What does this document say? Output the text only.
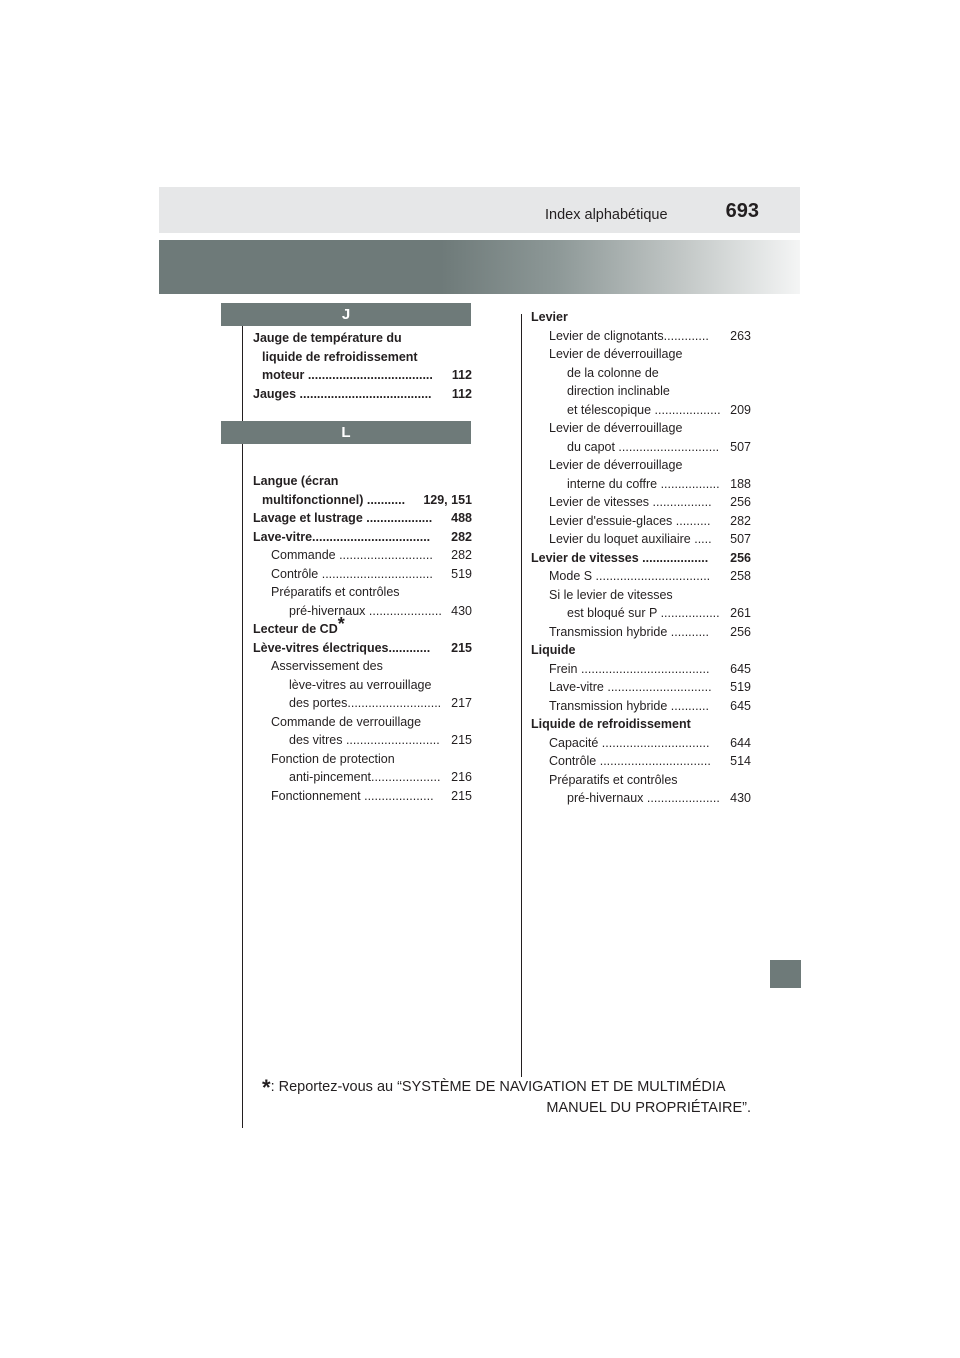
Index alphabétique	693
J
L
Jauge de température du
liquide de refroidissement
moteur ....................................	112
Jauges ...................................... 112
Langue (écran
multifonctionnel) ...........	129, 151
Lavage et lustrage ................... 488
Lave-vitre.................................. 282
Commande ........................... 282
Contrôle ................................ 519
Préparatifs et contrôles
pré-hivernaux ..................... 430
Lecteur de CD*
Lève-vitres électriques............ 215
Asservissement des
lève-vitres au verrouillage
des portes........................... 217
Commande de verrouillage
des vitres ........................... 215
Fonction de protection
anti-pincement.................... 216
Fonctionnement .................... 215
Levier
Levier de clignotants............. 263
Levier de déverrouillage
de la colonne de
direction inclinable
et télescopique ................... 209
Levier de déverrouillage
du capot ............................. 507
Levier de déverrouillage
interne du coffre ................. 188
Levier de vitesses ................. 256
Levier d'essuie-glaces .......... 282
Levier du loquet auxiliaire ..... 507
Levier de vitesses ................... 256
Mode S ................................. 258
Si le levier de vitesses
est bloqué sur P ................. 261
Transmission hybride ........... 256
Liquide
Frein ..................................... 645
Lave-vitre .............................. 519
Transmission hybride ........... 645
Liquide de refroidissement
Capacité ............................... 644
Contrôle ................................ 514
Préparatifs et contrôles
pré-hivernaux ..................... 430
*: Reportez-vous au “SYSTÈME DE NAVIGATION ET DE MULTIMÉDIA
MANUEL DU PROPRIÉTAIRE”.
